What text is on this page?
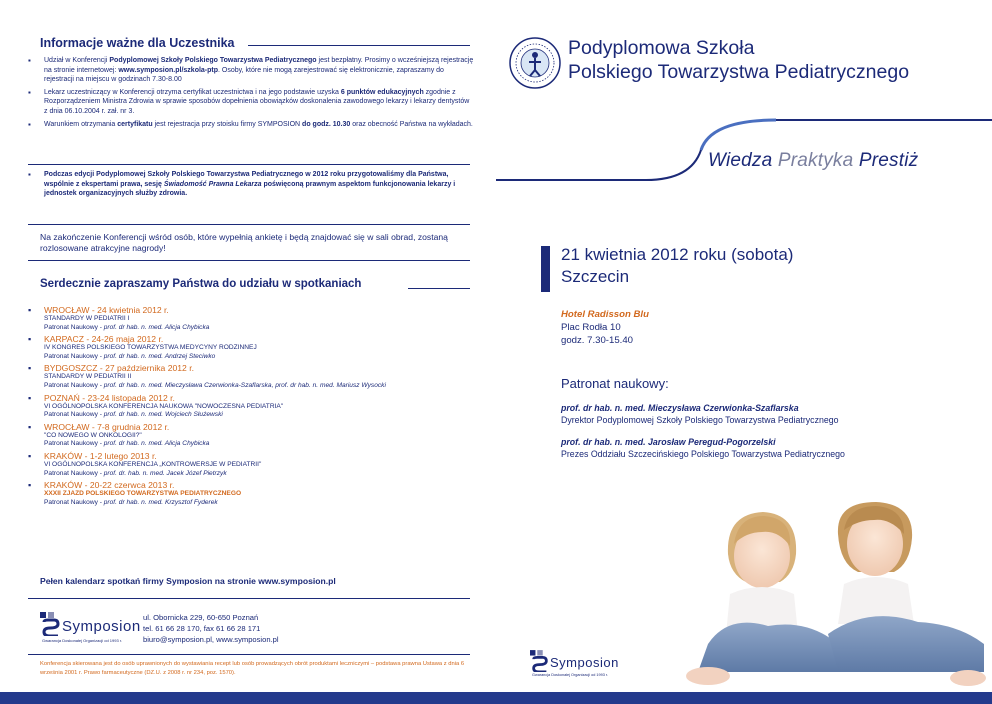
Informacje ważne dla Uczestnika
▪ Udział w Konferencji Podyplomowej Szkoły Polskiego Towarzystwa Pediatrycznego jest bezpłatny. Prosimy o wcześniejszą rejestrację na stronie internetowej: www.symposion.pl/szkola-ptp. Osoby, które nie mogą zarejestrować się elektronicznie, zapraszamy do rejestracji na miejscu w godzinach 7.30-8.00
▪ Lekarz uczestniczący w Konferencji otrzyma certyfikat uczestnictwa i na jego podstawie uzyska 6 punktów edukacyjnych zgodnie z Rozporządzeniem Ministra Zdrowia w sprawie sposobów dopełnienia obowiązków doskonalenia zawodowego lekarzy i lekarzy dentystów z dnia 06.10.2004 r. zał. nr 3.
▪ Warunkiem otrzymania certyfikatu jest rejestracja przy stoisku firmy SYMPOSION do godz. 10.30 oraz obecność Państwa na wykładach.
▪ Podczas edycji Podyplomowej Szkoły Polskiego Towarzystwa Pediatrycznego w 2012 roku przygotowaliśmy dla Państwa, wspólnie z ekspertami prawa, sesję Świadomość Prawna Lekarza poświęconą prawnym aspektom funkcjonowania lekarzy i jednostek organizacyjnych służby zdrowia.
Na zakończenie Konferencji wśród osób, które wypełnią ankietę i będą znajdować się w sali obrad, zostaną rozlosowane atrakcyjne nagrody!
Serdecznie zapraszamy Państwa do udziału w spotkaniach
▪ WROCŁAW - 24 kwietnia 2012 r.
STANDARDY W PEDIATRII I
Patronat Naukowy - prof. dr hab. n. med. Alicja Chybicka
▪ KARPACZ - 24-26 maja 2012 r.
IV KONGRES POLSKIEGO TOWARZYSTWA MEDYCYNY RODZINNEJ
Patronat Naukowy - prof. dr hab. n. med. Andrzej Steciwko
▪ BYDGOSZCZ - 27 października 2012 r.
STANDARDY W PEDIATRII II
Patronat Naukowy - prof. dr hab. n. med. Mieczysława Czerwionka-Szaflarska, prof. dr hab. n. med. Mariusz Wysocki
▪ POZNAŃ - 23-24 listopada 2012 r.
VI OGÓLNOPOLSKA KONFERENCJA NAUKOWA "NOWOCZESNA PEDIATRIA"
Patronat Naukowy - prof. dr hab. n. med. Wojciech Służewski
▪ WROCŁAW - 7-8 grudnia 2012 r.
"CO NOWEGO W ONKOLOGII?"
Patronat Naukowy - prof. dr hab. n. med. Alicja Chybicka
▪ KRAKÓW - 1-2 lutego 2013 r.
VI OGÓLNOPOLSKA KONFERENCJA „KONTROWERSJE W PEDIATRII"
Patronat Naukowy - prof. dr. hab. n. med. Jacek Józef Pietrzyk
▪ KRAKÓW - 20-22 czerwca 2013 r.
XXXII ZJAZD POLSKIEGO TOWARZYSTWA PEDIATRYCZNEGO
Patronat Naukowy - prof. dr hab. n. med. Krzysztof Fyderek
Pełen kalendarz spotkań firmy Symposion na stronie www.symposion.pl
Symposion
Gwarancja Doskonałej Organizacji od 1993 r.
ul. Obornicka 229, 60-650 Poznań
tel. 61 66 28 170, fax 61 66 28 171
biuro@symposion.pl, www.symposion.pl
Konferencja skierowana jest do osób uprawnionych do wystawiania recept lub osób prowadzących obrót produktami leczniczymi – podstawa prawna Ustawa z dnia 6 września 2001 r. Prawo farmaceutyczne (DZ.U. z 2008 r. nr 234, poz. 1570).
Podyplomowa Szkoła
Polskiego Towarzystwa Pediatrycznego
Wiedza Praktyka Prestiż
21 kwietnia 2012 roku (sobota)
Szczecin
Hotel Radisson Blu
Plac Rodła 10
godz. 7.30-15.40
Patronat naukowy:
prof. dr hab. n. med. Mieczysława Czerwionka-Szaflarska
Dyrektor Podyplomowej Szkoły Polskiego Towarzystwa Pediatrycznego
prof. dr hab. n. med. Jarosław Peregud-Pogorzelski
Prezes Oddziału Szczecińskiego Polskiego Towarzystwa Pediatrycznego
Symposion
Gwarancja Doskonałej Organizacji od 1993 r.
